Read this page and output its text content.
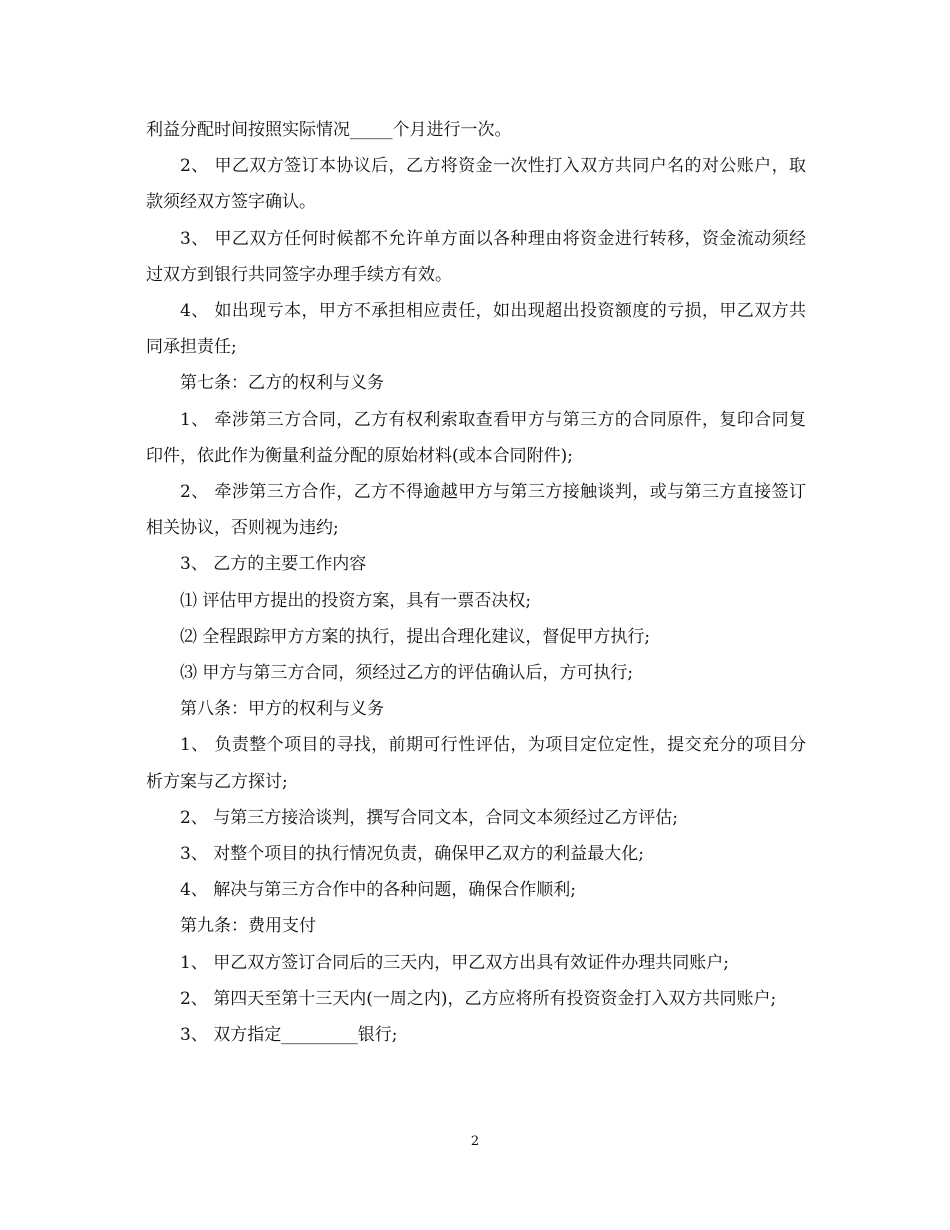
利益分配时间按照实际情况_____个月进行一次。

2、 甲乙双方签订本协议后，乙方将资金一次性打入双方共同户名的对公账户，取款须经双方签字确认。

3、 甲乙双方任何时候都不允许单方面以各种理由将资金进行转移，资金流动须经过双方到银行共同签字办理手续方有效。

4、 如出现亏本，甲方不承担相应责任，如出现超出投资额度的亏损，甲乙双方共同承担责任;

第七条：乙方的权利与义务

1、 牵涉第三方合同，乙方有权利索取查看甲方与第三方的合同原件，复印合同复印件，依此作为衡量利益分配的原始材料(或本合同附件);

2、 牵涉第三方合作，乙方不得逾越甲方与第三方接触谈判，或与第三方直接签订相关协议，否则视为违约;

3、 乙方的主要工作内容

⑴ 评估甲方提出的投资方案，具有一票否决权;

⑵ 全程跟踪甲方方案的执行，提出合理化建议，督促甲方执行;

⑶ 甲方与第三方合同，须经过乙方的评估确认后，方可执行;

第八条：甲方的权利与义务

1、 负责整个项目的寻找，前期可行性评估，为项目定位定性，提交充分的项目分析方案与乙方探讨;

2、 与第三方接洽谈判，撰写合同文本，合同文本须经过乙方评估;

3、 对整个项目的执行情况负责，确保甲乙双方的利益最大化;

4、 解决与第三方合作中的各种问题，确保合作顺利;

第九条：费用支付

1、 甲乙双方签订合同后的三天内，甲乙双方出具有效证件办理共同账户;

2、 第四天至第十三天内(一周之内)，乙方应将所有投资资金打入双方共同账户;

3、 双方指定_________银行;

2
